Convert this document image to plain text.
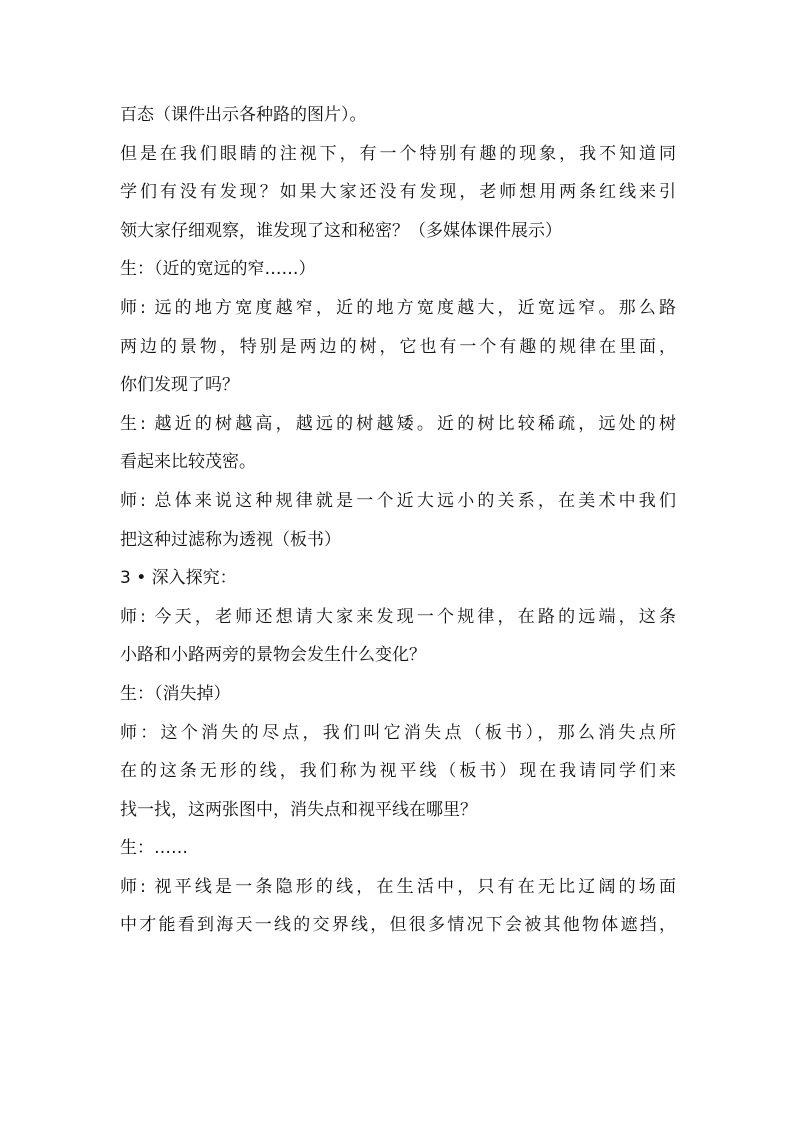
百态（课件出示各种路的图片）。
但是在我们眼睛的注视下，有一个特别有趣的现象，我不知道同
学们有没有发现？如果大家还没有发现，老师想用两条红线来引
领大家仔细观察，谁发现了这和秘密？（多媒体课件展示）
生：（近的宽远的窄……）
师: 远的地方宽度越窄，近的地方宽度越大，近宽远窄。那么路
两边的景物，特别是两边的树，它也有一个有趣的规律在里面，
你们发现了吗？
生: 越近的树越高，越远的树越矮。近的树比较稀疏，远处的树
看起来比较茂密。
师: 总体来说这种规律就是一个近大远小的关系，在美术中我们
把这种过滤称为透视（板书）
3 • 深入探究：
师: 今天，老师还想请大家来发现一个规律，在路的远端，这条
小路和小路两旁的景物会发生什么变化？
生：（消失掉）
师：这个消失的尽点，我们叫它消失点（板书），那么消失点所
在的这条无形的线，我们称为视平线（板书）现在我请同学们来
找一找，这两张图中，消失点和视平线在哪里？
生：……
师: 视平线是一条隐形的线，在生活中，只有在无比辽阔的场面
中才能看到海天一线的交界线，但很多情况下会被其他物体遮挡，
